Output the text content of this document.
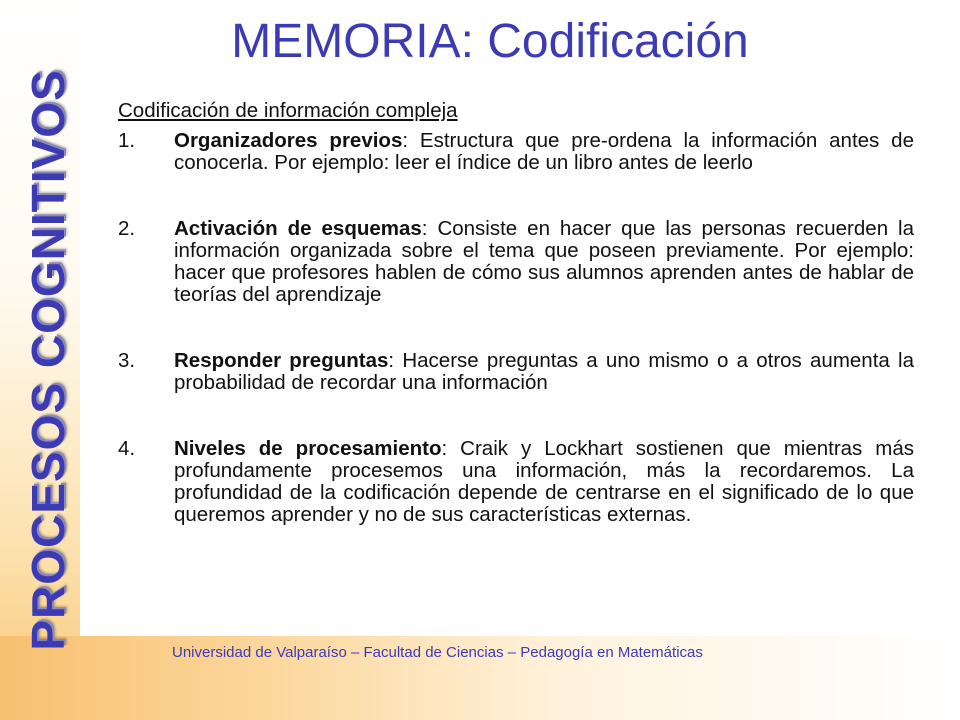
PROCESOS COGNITIVOS
MEMORIA: Codificación
Codificación de información compleja
1. Organizadores previos: Estructura que pre-ordena la información antes de conocerla. Por ejemplo: leer el índice de un libro antes de leerlo
2. Activación de esquemas: Consiste en hacer que las personas recuerden la información organizada sobre el tema que poseen previamente. Por ejemplo: hacer que profesores hablen de cómo sus alumnos aprenden antes de hablar de teorías del aprendizaje
3. Responder preguntas: Hacerse preguntas a uno mismo o a otros aumenta la probabilidad de recordar una información
4. Niveles de procesamiento: Craik y Lockhart sostienen que mientras más profundamente procesemos una información, más la recordaremos. La profundidad de la codificación depende de centrarse en el significado de lo que queremos aprender y no de sus características externas.
Universidad de Valparaíso – Facultad de Ciencias – Pedagogía en Matemáticas
